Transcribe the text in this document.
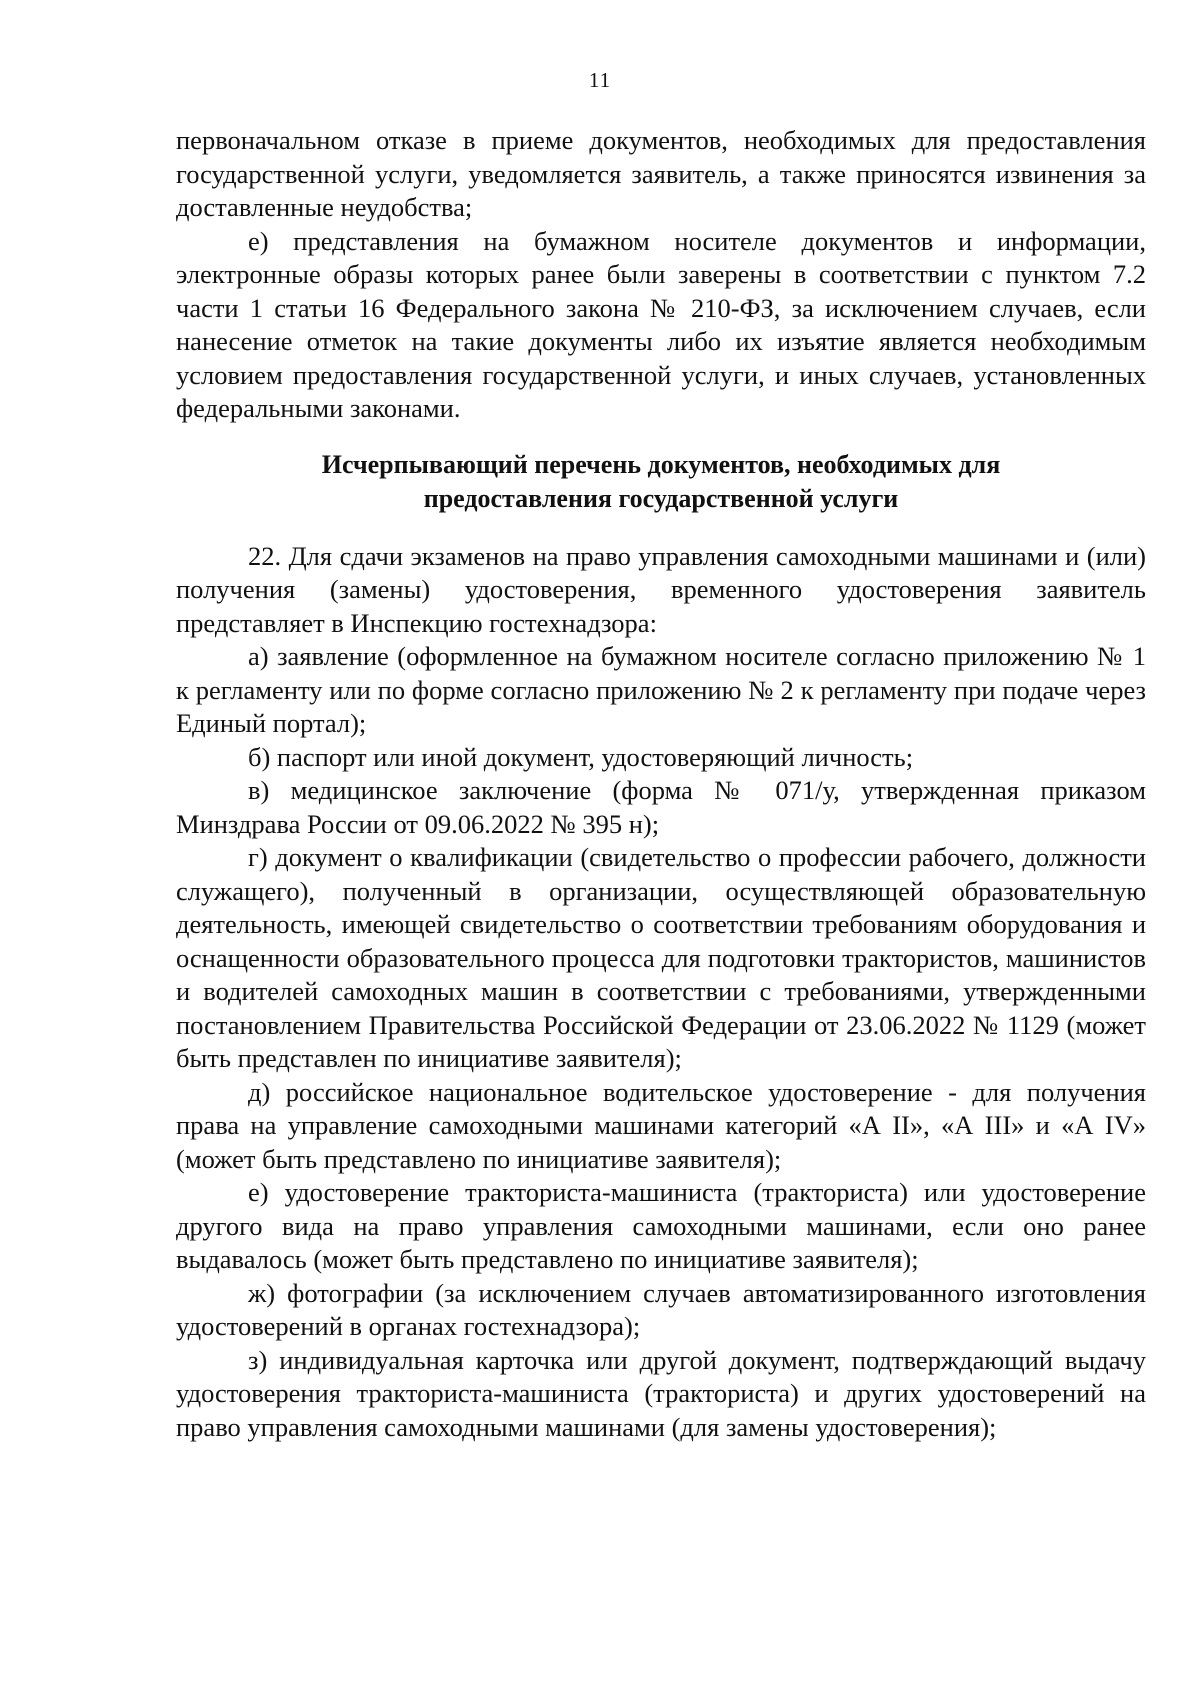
11

первоначальном отказе в приеме документов, необходимых для предоставления государственной услуги, уведомляется заявитель, а также приносятся извинения за доставленные неудобства;

е) представления на бумажном носителе документов и информации, электронные образы которых ранее были заверены в соответствии с пунктом 7.2 части 1 статьи 16 Федерального закона № 210-ФЗ, за исключением случаев, если нанесение отметок на такие документы либо их изъятие является необходимым условием предоставления государственной услуги, и иных случаев, установленных федеральными законами.

Исчерпывающий перечень документов, необходимых для
предоставления государственной услуги

22. Для сдачи экзаменов на право управления самоходными машинами и (или) получения (замены) удостоверения, временного удостоверения заявитель представляет в Инспекцию гостехнадзора:

а) заявление (оформленное на бумажном носителе согласно приложению № 1 к регламенту или по форме согласно приложению № 2 к регламенту при подаче через Единый портал);

б) паспорт или иной документ, удостоверяющий личность;

в) медицинское заключение (форма № 071/у, утвержденная приказом Минздрава России от 09.06.2022 № 395 н);

г) документ о квалификации (свидетельство о профессии рабочего, должности служащего), полученный в организации, осуществляющей образовательную деятельность, имеющей свидетельство о соответствии требованиям оборудования и оснащенности образовательного процесса для подготовки трактористов, машинистов и водителей самоходных машин в соответствии с требованиями, утвержденными постановлением Правительства Российской Федерации от 23.06.2022 № 1129 (может быть представлен по инициативе заявителя);

д) российское национальное водительское удостоверение - для получения права на управление самоходными машинами категорий «А II», «А III» и «А IV» (может быть представлено по инициативе заявителя);

е) удостоверение тракториста-машиниста (тракториста) или удостоверение другого вида на право управления самоходными машинами, если оно ранее выдавалось (может быть представлено по инициативе заявителя);

ж) фотографии (за исключением случаев автоматизированного изготовления удостоверений в органах гостехнадзора);

з) индивидуальная карточка или другой документ, подтверждающий выдачу удостоверения тракториста-машиниста (тракториста) и других удостоверений на право управления самоходными машинами (для замены удостоверения);
